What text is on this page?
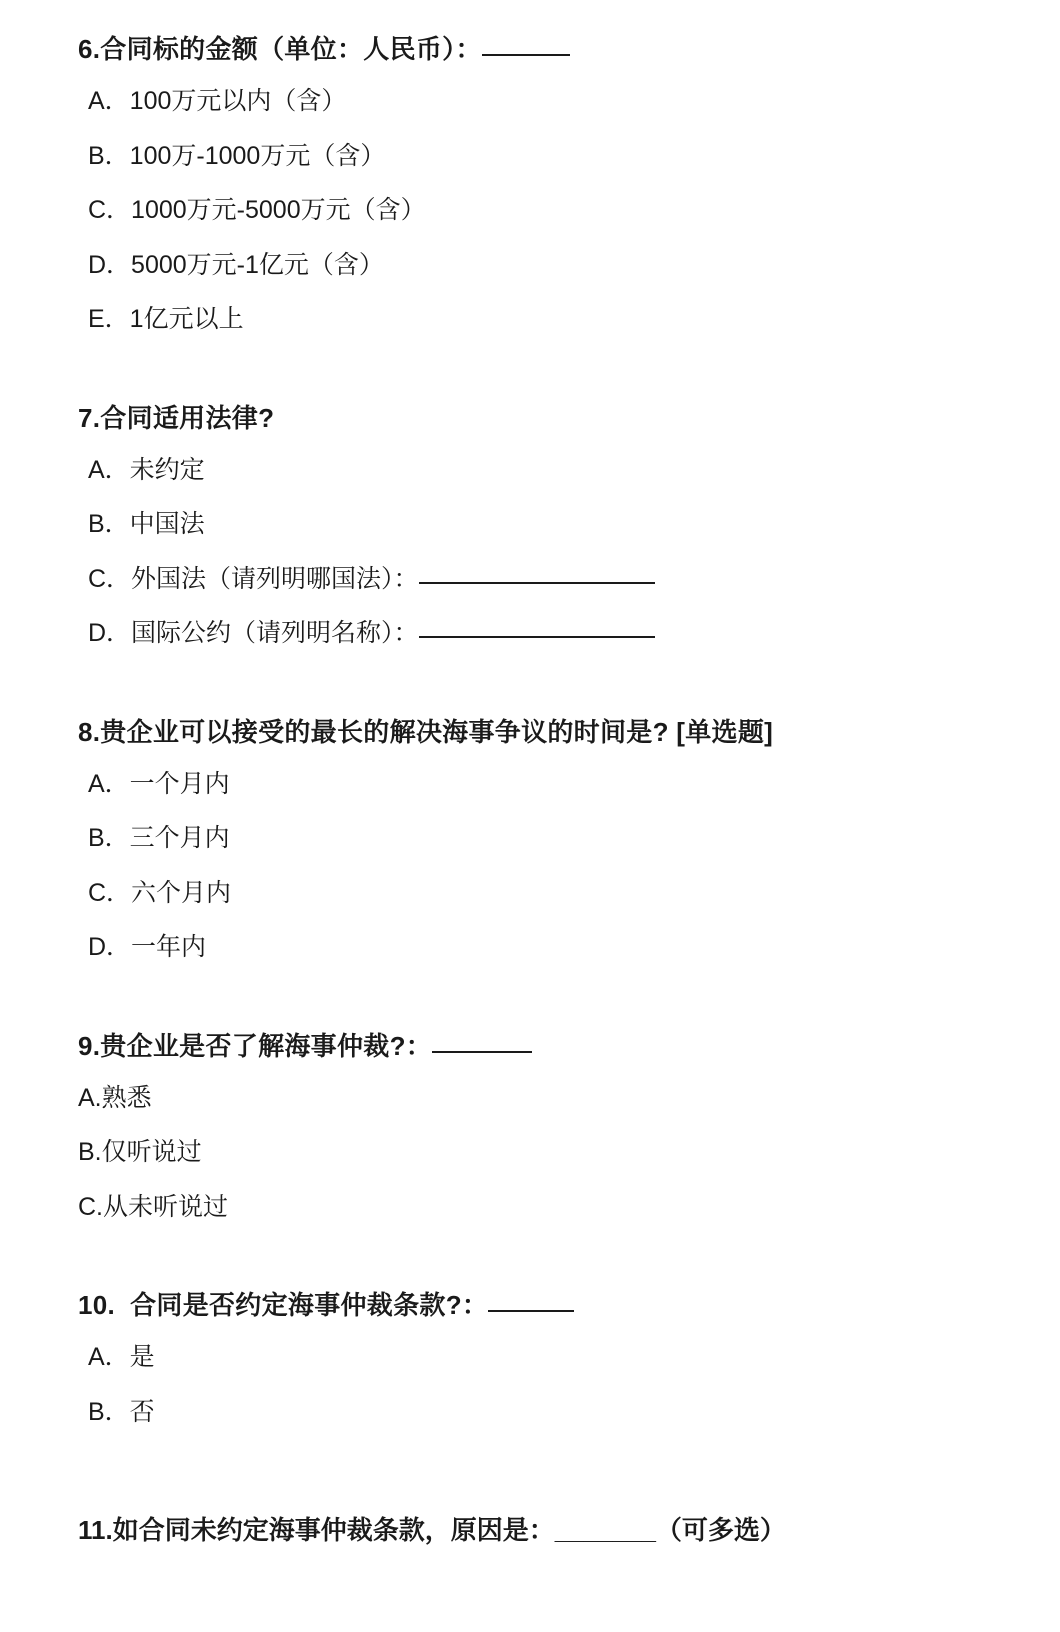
6.合同标的金额（单位：人民币）：

A．100万元以内（含）

B．100万-1000万元（含）

C．1000万元-5000万元（含）

D．5000万元-1亿元（含）

E．1亿元以上

7.合同适用法律?

A．未约定

B．中国法

C．外国法（请列明哪国法）：

D．国际公约（请列明名称）：

8.贵企业可以接受的最长的解决海事争议的时间是? [单选题]

A．一个月内

B．三个月内

C．六个月内

D．一年内

9.贵企业是否了解海事仲裁?：

A.熟悉

B.仅听说过

C.从未听说过

10.  合同是否约定海事仲裁条款?：

A．是

B．否

11.如合同未约定海事仲裁条款，原因是：_______（可多选）
